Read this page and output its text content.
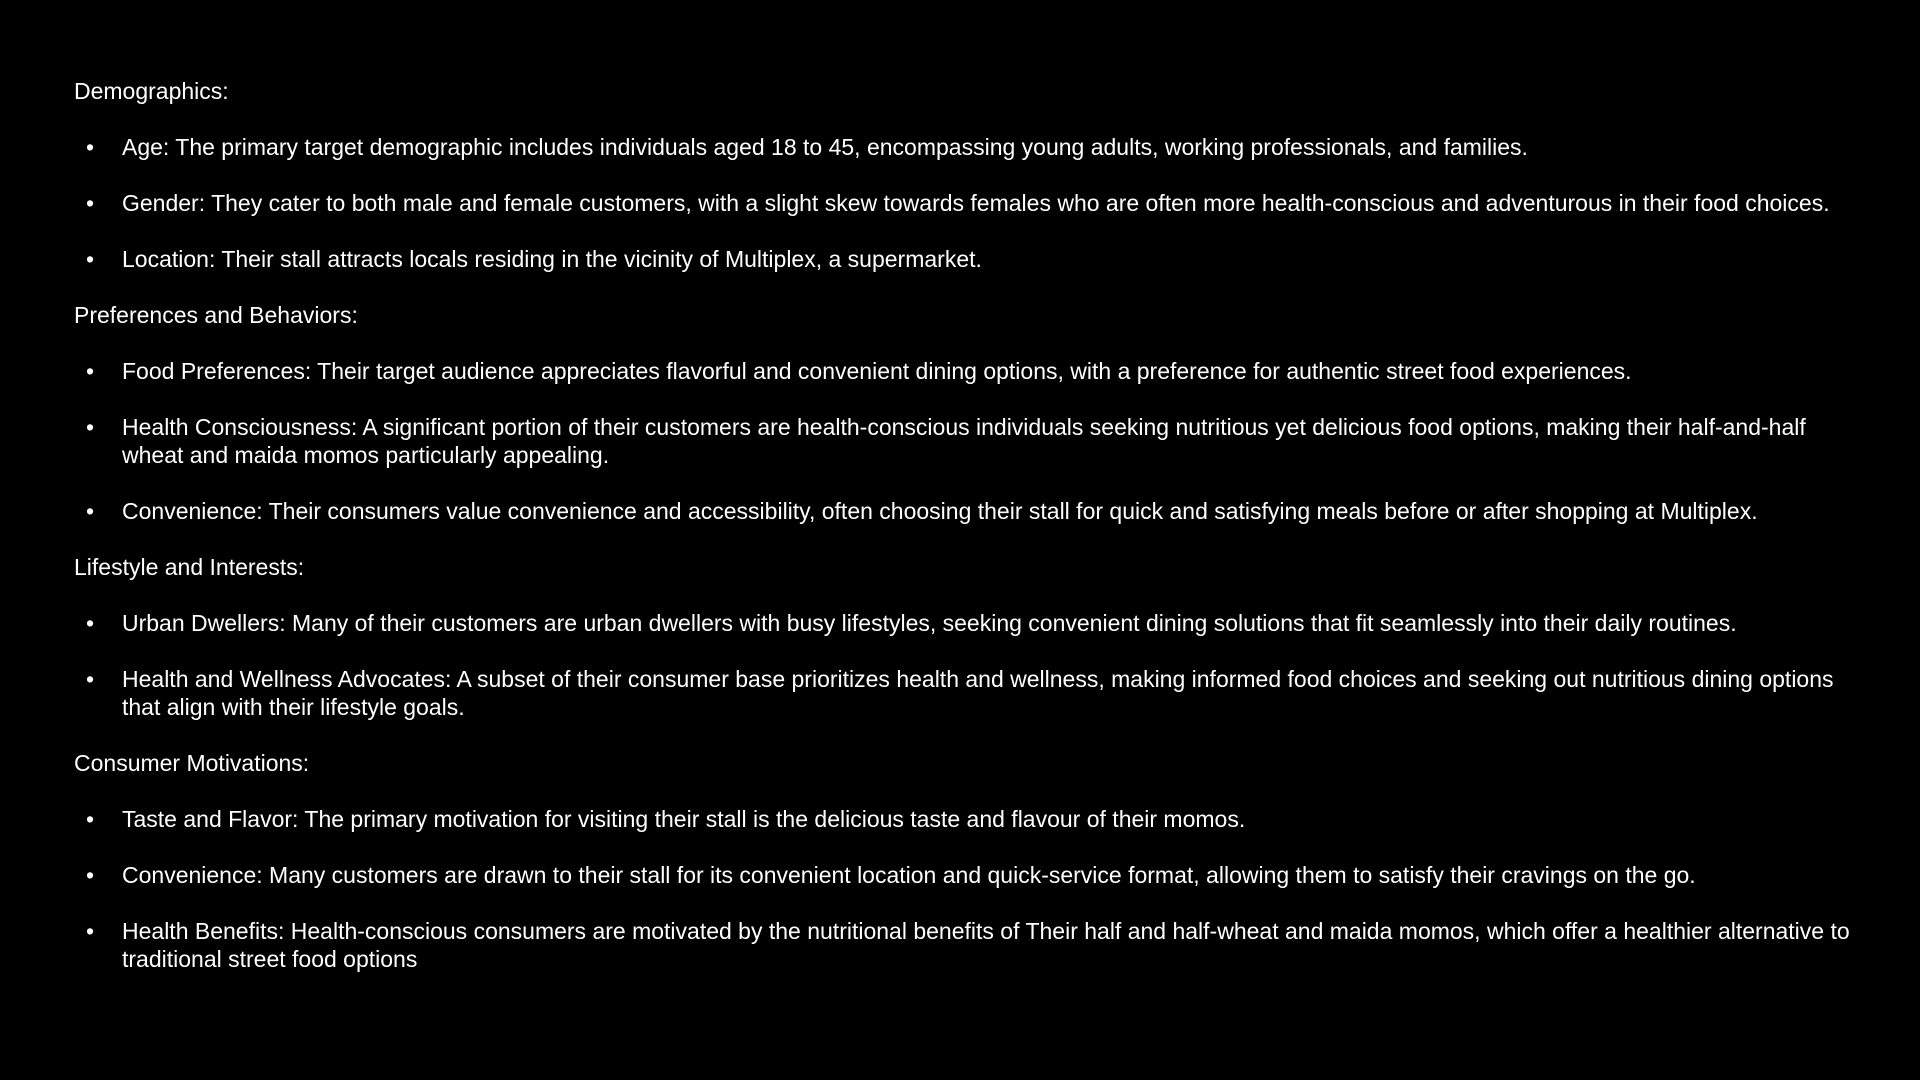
Demographics:
• Age: The primary target demographic includes individuals aged 18 to 45, encompassing young adults, working professionals, and families.
• Gender: They cater to both male and female customers, with a slight skew towards females who are often more health-conscious and adventurous in their food choices.
• Location: Their stall attracts locals residing in the vicinity of Multiplex, a supermarket.
Preferences and Behaviors:
• Food Preferences: Their target audience appreciates flavorful and convenient dining options, with a preference for authentic street food experiences.
• Health Consciousness: A significant portion of their customers are health-conscious individuals seeking nutritious yet delicious food options, making their half-and-half wheat and maida momos particularly appealing.
• Convenience: Their consumers value convenience and accessibility, often choosing their stall for quick and satisfying meals before or after shopping at Multiplex.
Lifestyle and Interests:
• Urban Dwellers: Many of their customers are urban dwellers with busy lifestyles, seeking convenient dining solutions that fit seamlessly into their daily routines.
• Health and Wellness Advocates: A subset of their consumer base prioritizes health and wellness, making informed food choices and seeking out nutritious dining options that align with their lifestyle goals.
Consumer Motivations:
• Taste and Flavor: The primary motivation for visiting their stall is the delicious taste and flavour of their momos.
• Convenience: Many customers are drawn to their stall for its convenient location and quick-service format, allowing them to satisfy their cravings on the go.
• Health Benefits: Health-conscious consumers are motivated by the nutritional benefits of Their half and half-wheat and maida momos, which offer a healthier alternative to traditional street food options
